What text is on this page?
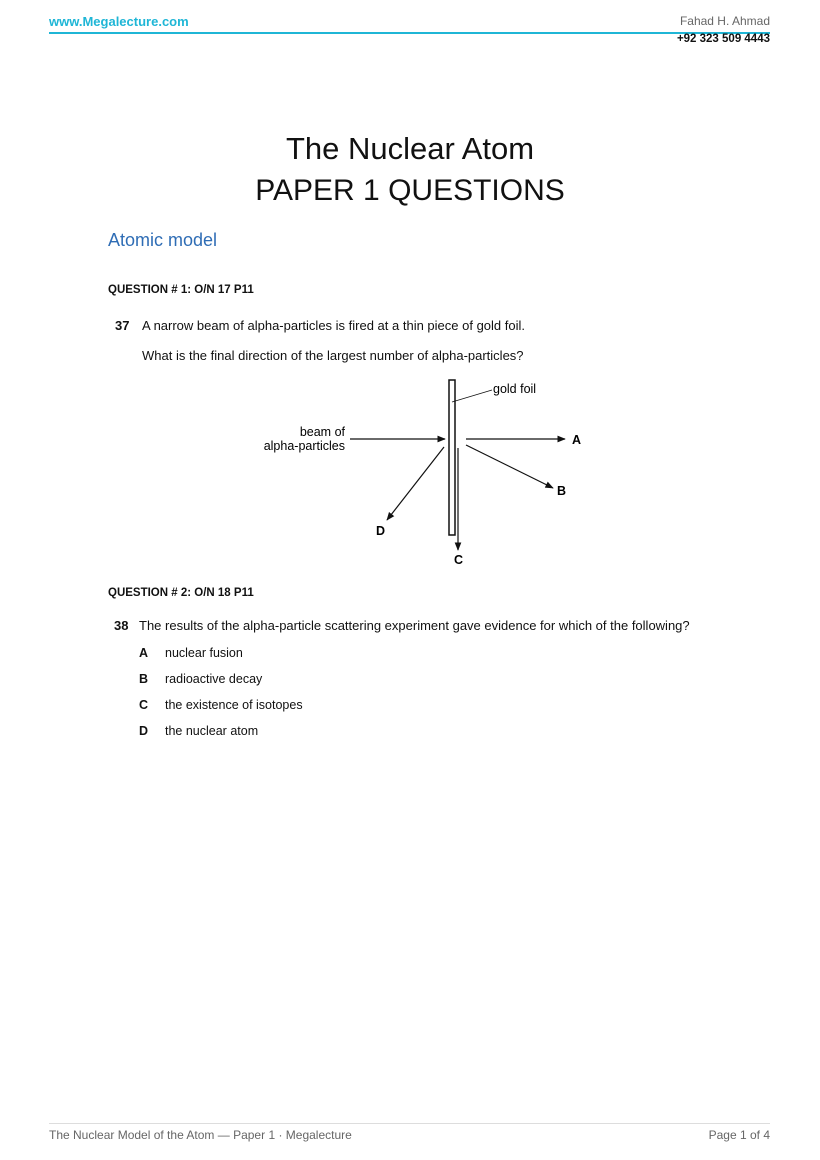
www.Megalecture.com	Fahad H. Ahmad
+92 323 509 4443
The Nuclear Atom
PAPER 1 QUESTIONS
Atomic model
QUESTION # 1: O/N 17 P11
37 A narrow beam of alpha-particles is fired at a thin piece of gold foil.
What is the final direction of the largest number of alpha-particles?
gold foil
beam of
alpha-particles	A
B
C
D
QUESTION # 2: O/N 18 P11
38 The results of the alpha-particle scattering experiment gave evidence for which of the following?
A nuclear fusion
B radioactive decay
C the existence of isotopes
D the nuclear atom
The Nuclear Model of the Atom — Paper 1 · Megalecture	Page 1 of 4
